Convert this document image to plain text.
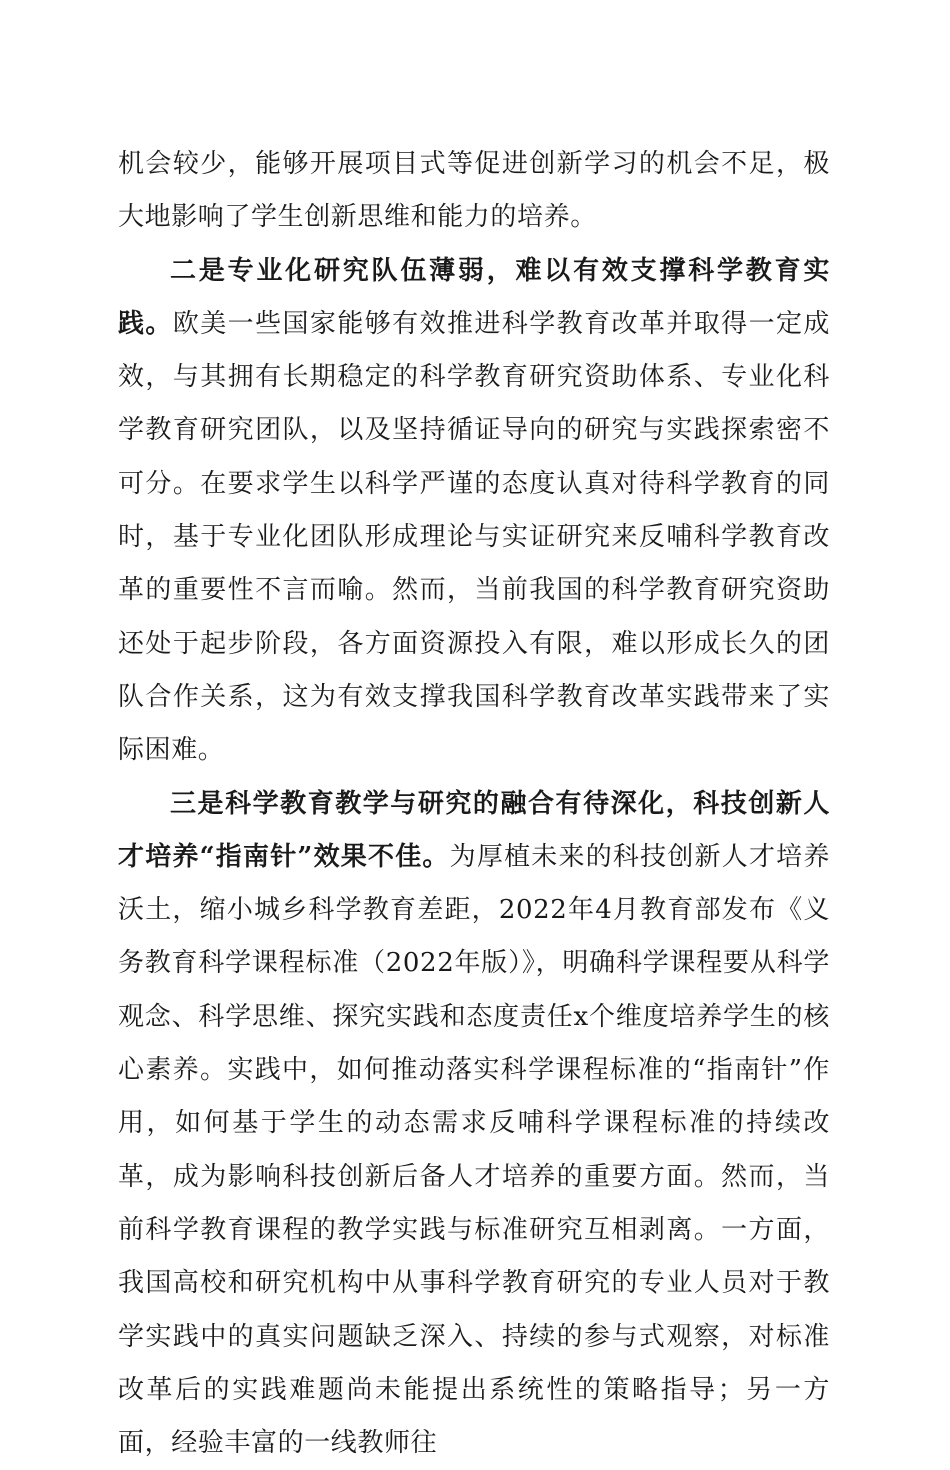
机会较少，能够开展项目式等促进创新学习的机会不足，极大地影响了学生创新思维和能力的培养。

二是专业化研究队伍薄弱，难以有效支撑科学教育实践。欧美一些国家能够有效推进科学教育改革并取得一定成效，与其拥有长期稳定的科学教育研究资助体系、专业化科学教育研究团队，以及坚持循证导向的研究与实践探索密不可分。在要求学生以科学严谨的态度认真对待科学教育的同时，基于专业化团队形成理论与实证研究来反哺科学教育改革的重要性不言而喻。然而，当前我国的科学教育研究资助还处于起步阶段，各方面资源投入有限，难以形成长久的团队合作关系，这为有效支撑我国科学教育改革实践带来了实际困难。

三是科学教育教学与研究的融合有待深化，科技创新人才培养“指南针”效果不佳。为厚植未来的科技创新人才培养沃土，缩小城乡科学教育差距，2022年4月教育部发布《义务教育科学课程标准（2022年版）》，明确科学课程要从科学观念、科学思维、探究实践和态度责任x个维度培养学生的核心素养。实践中，如何推动落实科学课程标准的“指南针”作用，如何基于学生的动态需求反哺科学课程标准的持续改革，成为影响科技创新后备人才培养的重要方面。然而，当前科学教育课程的教学实践与标准研究互相剥离。一方面，我国高校和研究机构中从事科学教育研究的专业人员对于教学实践中的真实问题缺乏深入、持续的参与式观察，对标准改革后的实践难题尚未能提出系统性的策略指导；另一方面，经验丰富的一线教师往
